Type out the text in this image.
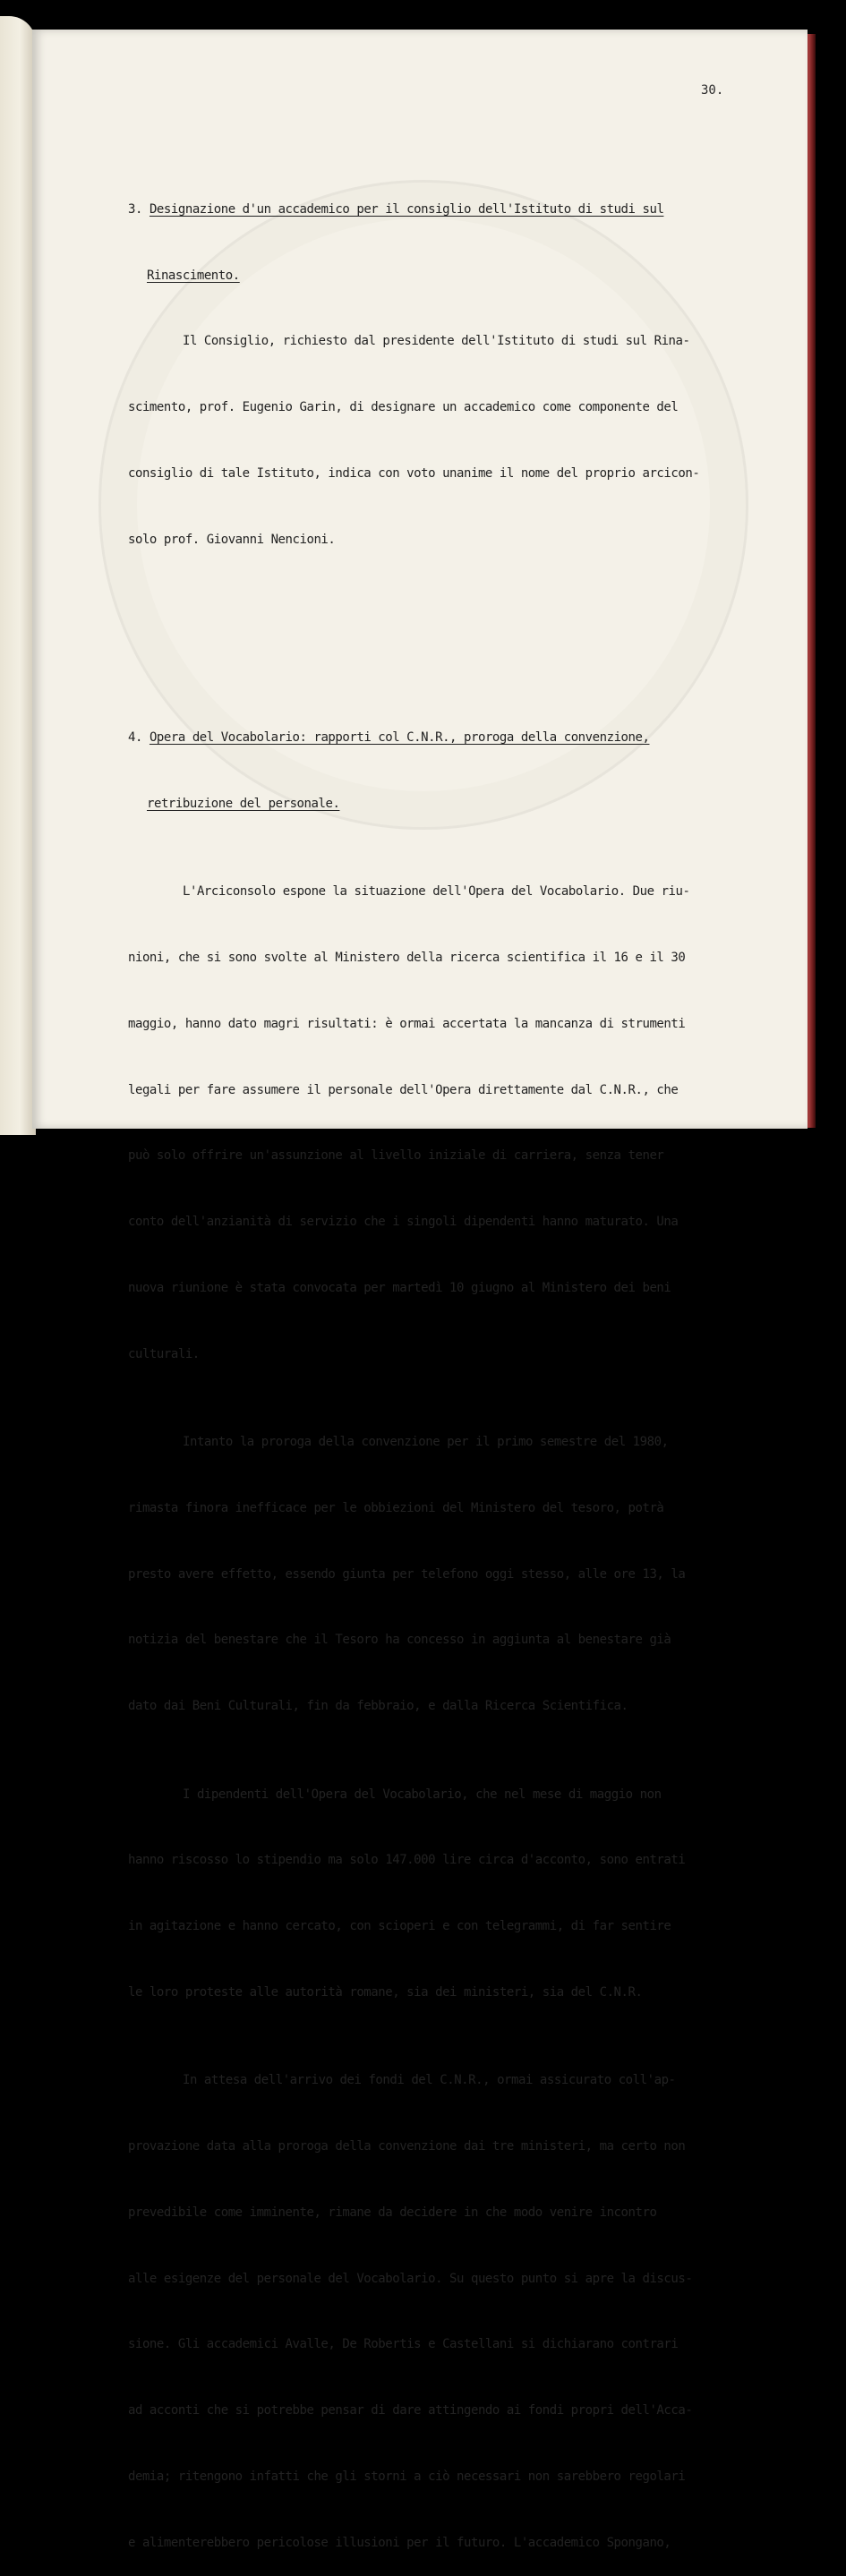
30.

3. Designazione d'un accademico per il consiglio dell'Istituto di studi sul

Rinascimento.

Il Consiglio, richiesto dal presidente dell'Istituto di studi sul Rina-

scimento, prof. Eugenio Garin, di designare un accademico come componente del

consiglio di tale Istituto, indica con voto unanime il nome del proprio arcicon-

solo prof. Giovanni Nencioni.

4. Opera del Vocabolario: rapporti col C.N.R., proroga della convenzione,

retribuzione del personale.

L'Arciconsolo espone la situazione dell'Opera del Vocabolario. Due riu-

nioni, che si sono svolte al Ministero della ricerca scientifica il 16 e il 30

maggio, hanno dato magri risultati: è ormai accertata la mancanza di strumenti

legali per fare assumere il personale dell'Opera direttamente dal C.N.R., che

può solo offrire un'assunzione al livello iniziale di carriera, senza tener

conto dell'anzianità di servizio che i singoli dipendenti hanno maturato. Una

nuova riunione è stata convocata per martedì 10 giugno al Ministero dei beni

culturali.

Intanto la proroga della convenzione per il primo semestre del 1980,

rimasta finora inefficace per le obbiezioni del Ministero del tesoro, potrà

presto avere effetto, essendo giunta per telefono oggi stesso, alle ore 13, la

notizia del benestare che il Tesoro ha concesso in aggiunta al benestare già

dato dai Beni Culturali, fin da febbraio, e dalla Ricerca Scientifica.

I dipendenti dell'Opera del Vocabolario, che nel mese di maggio non

hanno riscosso lo stipendio ma solo 147.000 lire circa d'acconto, sono entrati

in agitazione e hanno cercato, con scioperi e con telegrammi, di far sentire

le loro proteste alle autorità romane, sia dei ministeri, sia del C.N.R.

In attesa dell'arrivo dei fondi del C.N.R., ormai assicurato coll'ap-

provazione data alla proroga della convenzione dai tre ministeri, ma certo non

prevedibile come imminente, rimane da decidere in che modo venire incontro

alle esigenze del personale del Vocabolario. Su questo punto si apre la discus-

sione. Gli accademici Avalle, De Robertis e Castellani si dichiarano contrari

ad acconti che si potrebbe pensar di dare attingendo ai fondi propri dell'Acca-

demia; ritengono infatti che gli storni a ciò necessari non sarebbero regolari

e alimenterebbero pericolose illusioni per il futuro. L'accademico Spongano,
